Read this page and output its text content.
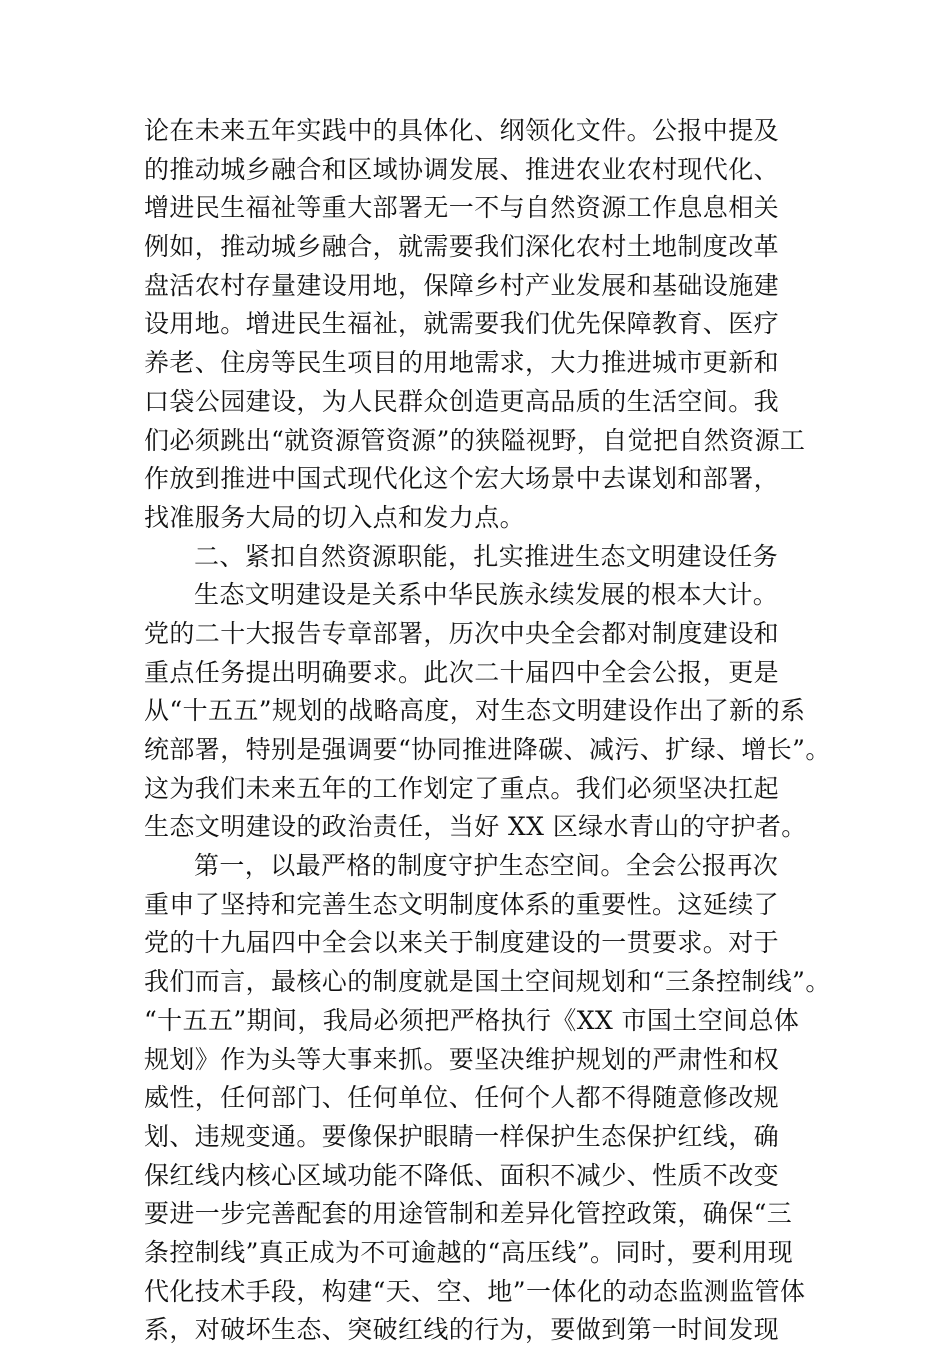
论在未来五年实践中的具体化、纲领化文件。公报中提及
的推动城乡融合和区域协调发展、推进农业农村现代化、
增进民生福祉等重大部署无一不与自然资源工作息息相关
例如，推动城乡融合，就需要我们深化农村土地制度改革
盘活农村存量建设用地，保障乡村产业发展和基础设施建
设用地。增进民生福祉，就需要我们优先保障教育、医疗
养老、住房等民生项目的用地需求，大力推进城市更新和
口袋公园建设，为人民群众创造更高品质的生活空间。我
们必须跳出“就资源管资源”的狭隘视野，自觉把自然资源工
作放到推进中国式现代化这个宏大场景中去谋划和部署，
找准服务大局的切入点和发力点。
二、紧扣自然资源职能，扎实推进生态文明建设任务
生态文明建设是关系中华民族永续发展的根本大计。
党的二十大报告专章部署，历次中央全会都对制度建设和
重点任务提出明确要求。此次二十届四中全会公报，更是
从“十五五”规划的战略高度，对生态文明建设作出了新的系
统部署，特别是强调要“协同推进降碳、减污、扩绿、增长”。
这为我们未来五年的工作划定了重点。我们必须坚决扛起
生态文明建设的政治责任，当好 XX 区绿水青山的守护者。
第一，以最严格的制度守护生态空间。全会公报再次
重申了坚持和完善生态文明制度体系的重要性。这延续了
党的十九届四中全会以来关于制度建设的一贯要求。对于
我们而言，最核心的制度就是国土空间规划和“三条控制线”。
“十五五”期间，我局必须把严格执行《XX 市国土空间总体
规划》作为头等大事来抓。要坚决维护规划的严肃性和权
威性，任何部门、任何单位、任何个人都不得随意修改规
划、违规变通。要像保护眼睛一样保护生态保护红线，确
保红线内核心区域功能不降低、面积不减少、性质不改变
要进一步完善配套的用途管制和差异化管控政策，确保“三
条控制线”真正成为不可逾越的“高压线”。同时，要利用现
代化技术手段，构建“天、空、地”一体化的动态监测监管体
系，对破坏生态、突破红线的行为，要做到第一时间发现
